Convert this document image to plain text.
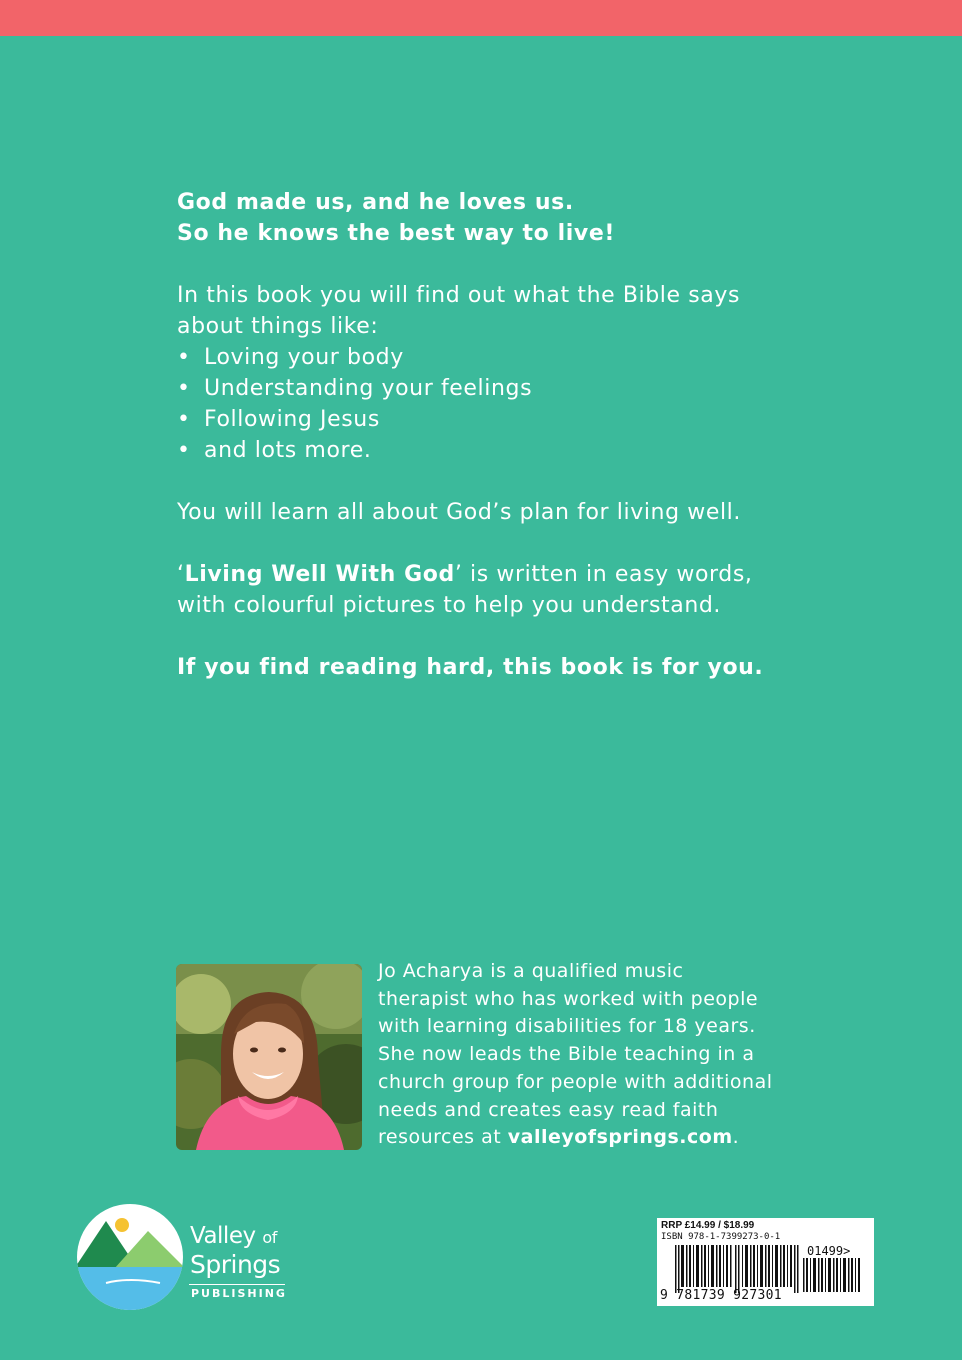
God made us, and he loves us.

So he knows the best way to live!

In this book you will find out what the Bible says

about things like:

• Loving your body
• Understanding your feelings
• Following Jesus
• and lots more.

You will learn all about God’s plan for living well.

‘Living Well With God’ is written in easy words,

with colourful pictures to help you understand.

If you find reading hard, this book is for you.

Jo Acharya is a qualified music
therapist who has worked with people
with learning disabilities for 18 years.
She now leads the Bible teaching in a
church group for people with additional
needs and creates easy read faith
resources at valleyofsprings.com.
Valley of
Springs
PUBLISHING
RRP £14.99 / $18.99
ISBN 978-1-7399273-0-1
01499>
9 781739 927301
